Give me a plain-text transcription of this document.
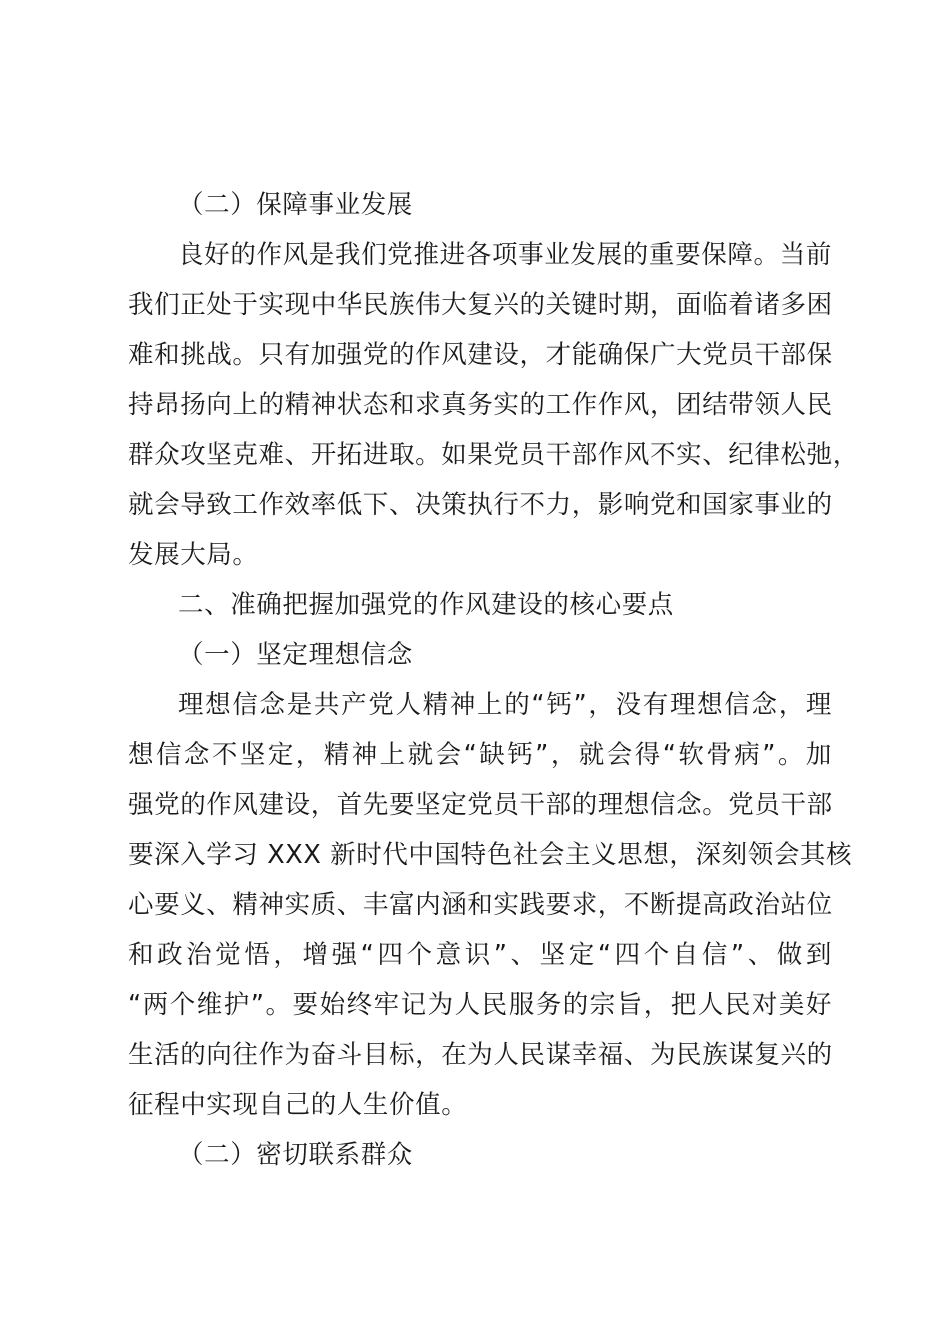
（二）保障事业发展
良好的作风是我们党推进各项事业发展的重要保障。当前
我们正处于实现中华民族伟大复兴的关键时期，面临着诸多困
难和挑战。只有加强党的作风建设，才能确保广大党员干部保
持昂扬向上的精神状态和求真务实的工作作风，团结带领人民
群众攻坚克难、开拓进取。如果党员干部作风不实、纪律松弛，
就会导致工作效率低下、决策执行不力，影响党和国家事业的
发展大局。
二、准确把握加强党的作风建设的核心要点
（一）坚定理想信念
理想信念是共产党人精神上的“钙”，没有理想信念，理
想信念不坚定，精神上就会“缺钙”，就会得“软骨病”。加
强党的作风建设，首先要坚定党员干部的理想信念。党员干部
要深入学习 XXX 新时代中国特色社会主义思想，深刻领会其核
心要义、精神实质、丰富内涵和实践要求，不断提高政治站位
和政治觉悟，增强“四个意识”、坚定“四个自信”、做到
“两个维护”。要始终牢记为人民服务的宗旨，把人民对美好
生活的向往作为奋斗目标，在为人民谋幸福、为民族谋复兴的
征程中实现自己的人生价值。
（二）密切联系群众
